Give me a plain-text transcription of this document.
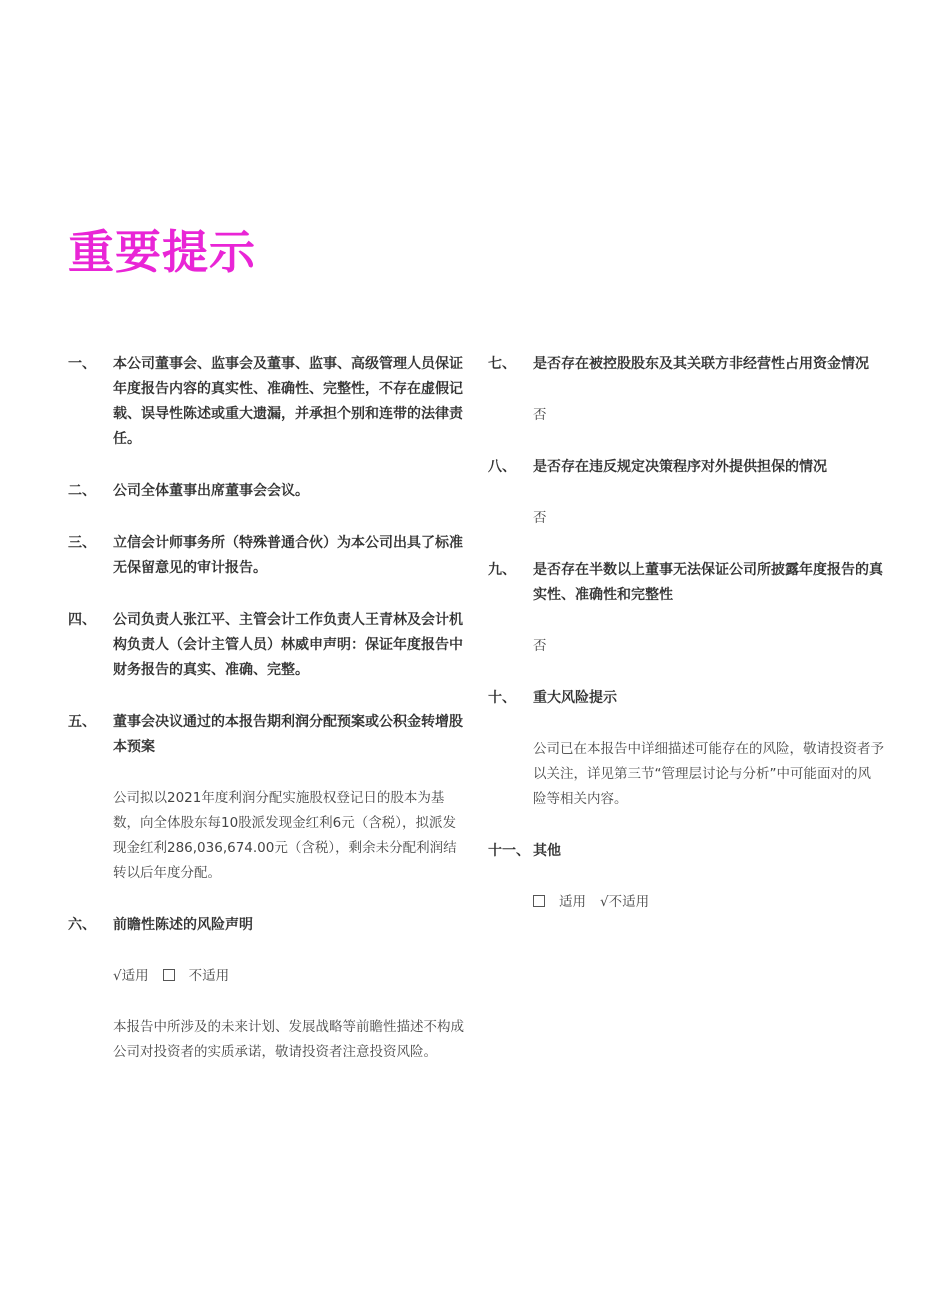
重要提示
一、 本公司董事会、监事会及董事、监事、高级管理人员保证年度报告内容的真实性、准确性、完整性，不存在虚假记载、误导性陈述或重大遗漏，并承担个别和连带的法律责任。

二、 公司全体董事出席董事会会议。

三、 立信会计师事务所（特殊普通合伙）为本公司出具了标准无保留意见的审计报告。

四、 公司负责人张江平、主管会计工作负责人王青林及会计机构负责人（会计主管人员）林威申声明：保证年度报告中财务报告的真实、准确、完整。

五、 董事会决议通过的本报告期利润分配预案或公积金转增股本预案

公司拟以2021年度利润分配实施股权登记日的股本为基数，向全体股东每10股派发现金红利6元（含税），拟派发现金红利286,036,674.00元（含税），剩余未分配利润结转以后年度分配。

六、 前瞻性陈述的风险声明

√适用	不适用

本报告中所涉及的未来计划、发展战略等前瞻性描述不构成公司对投资者的实质承诺，敬请投资者注意投资风险。

七、 是否存在被控股股东及其关联方非经营性占用资金情况

否

八、 是否存在违反规定决策程序对外提供担保的情况

否

九、 是否存在半数以上董事无法保证公司所披露年度报告的真实性、准确性和完整性

否

十、 重大风险提示

公司已在本报告中详细描述可能存在的风险，敬请投资者予以关注，详见第三节“管理层讨论与分析”中可能面对的风险等相关内容。

十一、 其他

适用 √不适用
